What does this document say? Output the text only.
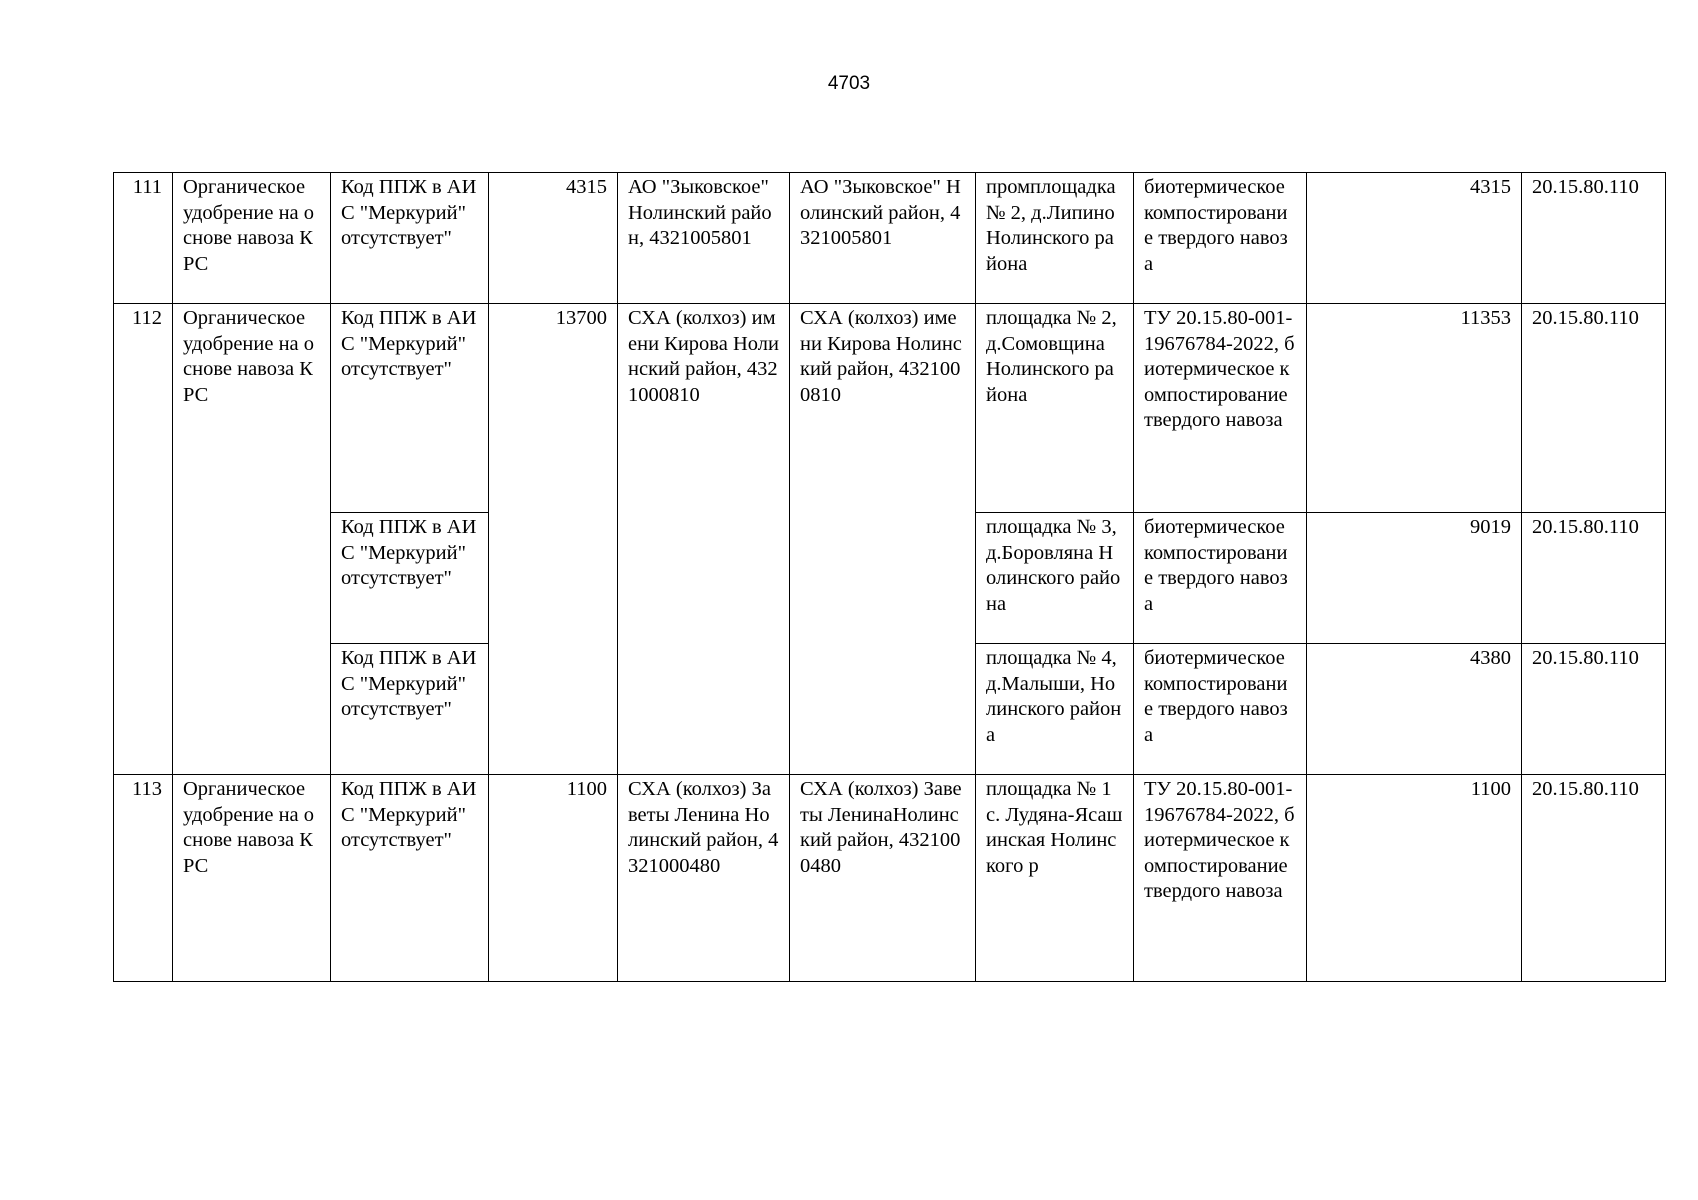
4703
111	Органическое удобрение на основе навоза КРС	Код ППЖ в АИС "Меркурий" отсутствует"	4315	АО "Зыковское" Нолинский район, 4321005801	АО "Зыковское" Нолинский район, 4321005801	промплощадка № 2, д.Липино Нолинского района	биотермическое компостирование твердого навоза	4315	20.15.80.110
112	Органическое удобрение на основе навоза КРС	Код ППЖ в АИС "Меркурий" отсутствует"	13700	СХА (колхоз) имени Кирова Нолинский район, 4321000810	СХА (колхоз) имени Кирова Нолинский район, 4321000810	площадка № 2, д.Сомовщина Нолинского района	ТУ 20.15.80-001-19676784-2022, биотермическое компостирование твердого навоза	11353	20.15.80.110
		Код ППЖ в АИС "Меркурий" отсутствует"				площадка № 3, д.Боровляна Нолинского района	биотермическое компостирование твердого навоза	9019	20.15.80.110
		Код ППЖ в АИС "Меркурий" отсутствует"				площадка № 4, д.Малыши, Нолинского района	биотермическое компостирование твердого навоза	4380	20.15.80.110
113	Органическое удобрение на основе навоза КРС	Код ППЖ в АИС "Меркурий" отсутствует"	1100	СХА (колхоз) Заветы Ленина Нолинский район, 4321000480	СХА (колхоз) Заветы ЛенинаНолинский район, 4321000480	площадка № 1с. Лудяна-Ясашинская Нолинского р	ТУ 20.15.80-001-19676784-2022, биотермическое компостирование твердого навоза	1100	20.15.80.110
